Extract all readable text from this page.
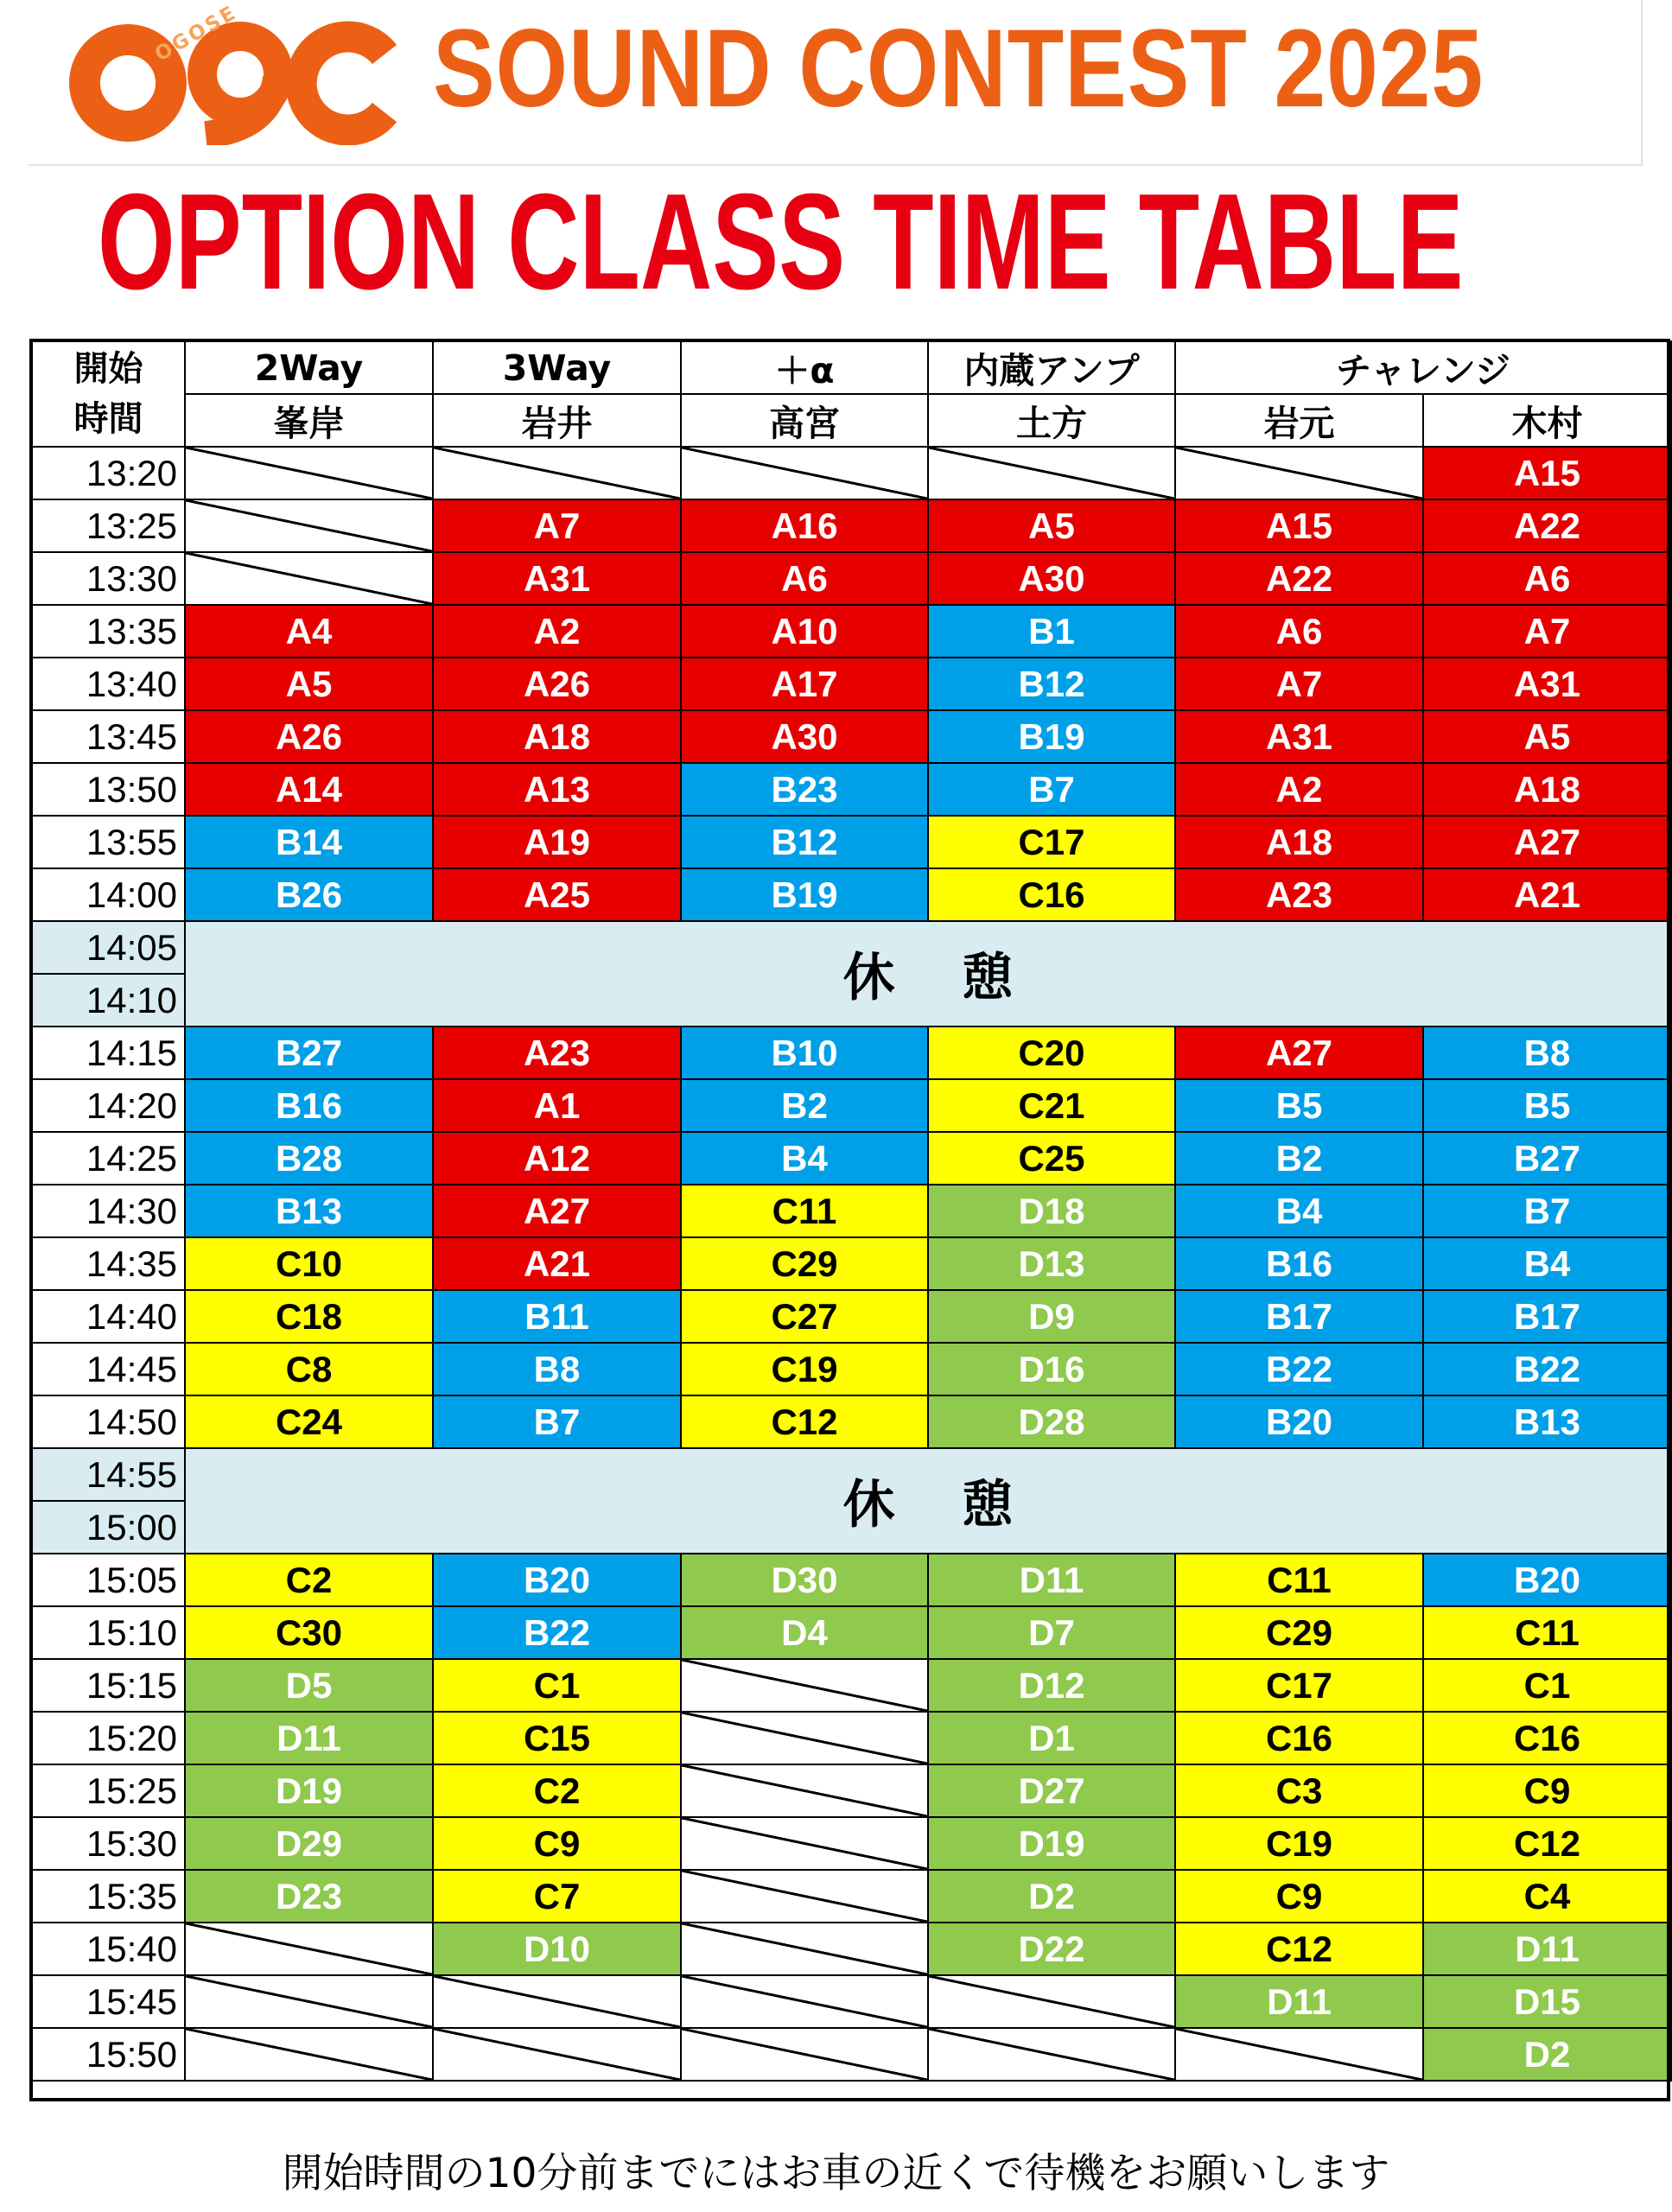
OGOSE SOUND CONTEST 2025
OPTION CLASS TIME TABLE
開始
時間	2Way	3Way	＋α	内蔵アンプ	チャレンジ	
	峯岸	岩井	高宮	土方	岩元	木村
13:20						A15
13:25		A7	A16	A5	A15	A22
13:30		A31	A6	A30	A22	A6
13:35	A4	A2	A10	B1	A6	A7
13:40	A5	A26	A17	B12	A7	A31
13:45	A26	A18	A30	B19	A31	A5
13:50	A14	A13	B23	B7	A2	A18
13:55	B14	A19	B12	C17	A18	A27
14:00	B26	A25	B19	C16	A23	A21
14:05	休 憩					
14:10						
14:15	B27	A23	B10	C20	A27	B8
14:20	B16	A1	B2	C21	B5	B5
14:25	B28	A12	B4	C25	B2	B27
14:30	B13	A27	C11	D18	B4	B7
14:35	C10	A21	C29	D13	B16	B4
14:40	C18	B11	C27	D9	B17	B17
14:45	C8	B8	C19	D16	B22	B22
14:50	C24	B7	C12	D28	B20	B13
14:55	休 憩					
15:00						
15:05	C2	B20	D30	D11	C11	B20
15:10	C30	B22	D4	D7	C29	C11
15:15	D5	C1		D12	C17	C1
15:20	D11	C15		D1	C16	C16
15:25	D19	C2		D27	C3	C9
15:30	D29	C9		D19	C19	C12
15:35	D23	C7		D2	C9	C4
15:40		D10		D22	C12	D11
15:45					D11	D15
15:50						D2
開始時間の10分前までにはお車の近くで待機をお願いします
